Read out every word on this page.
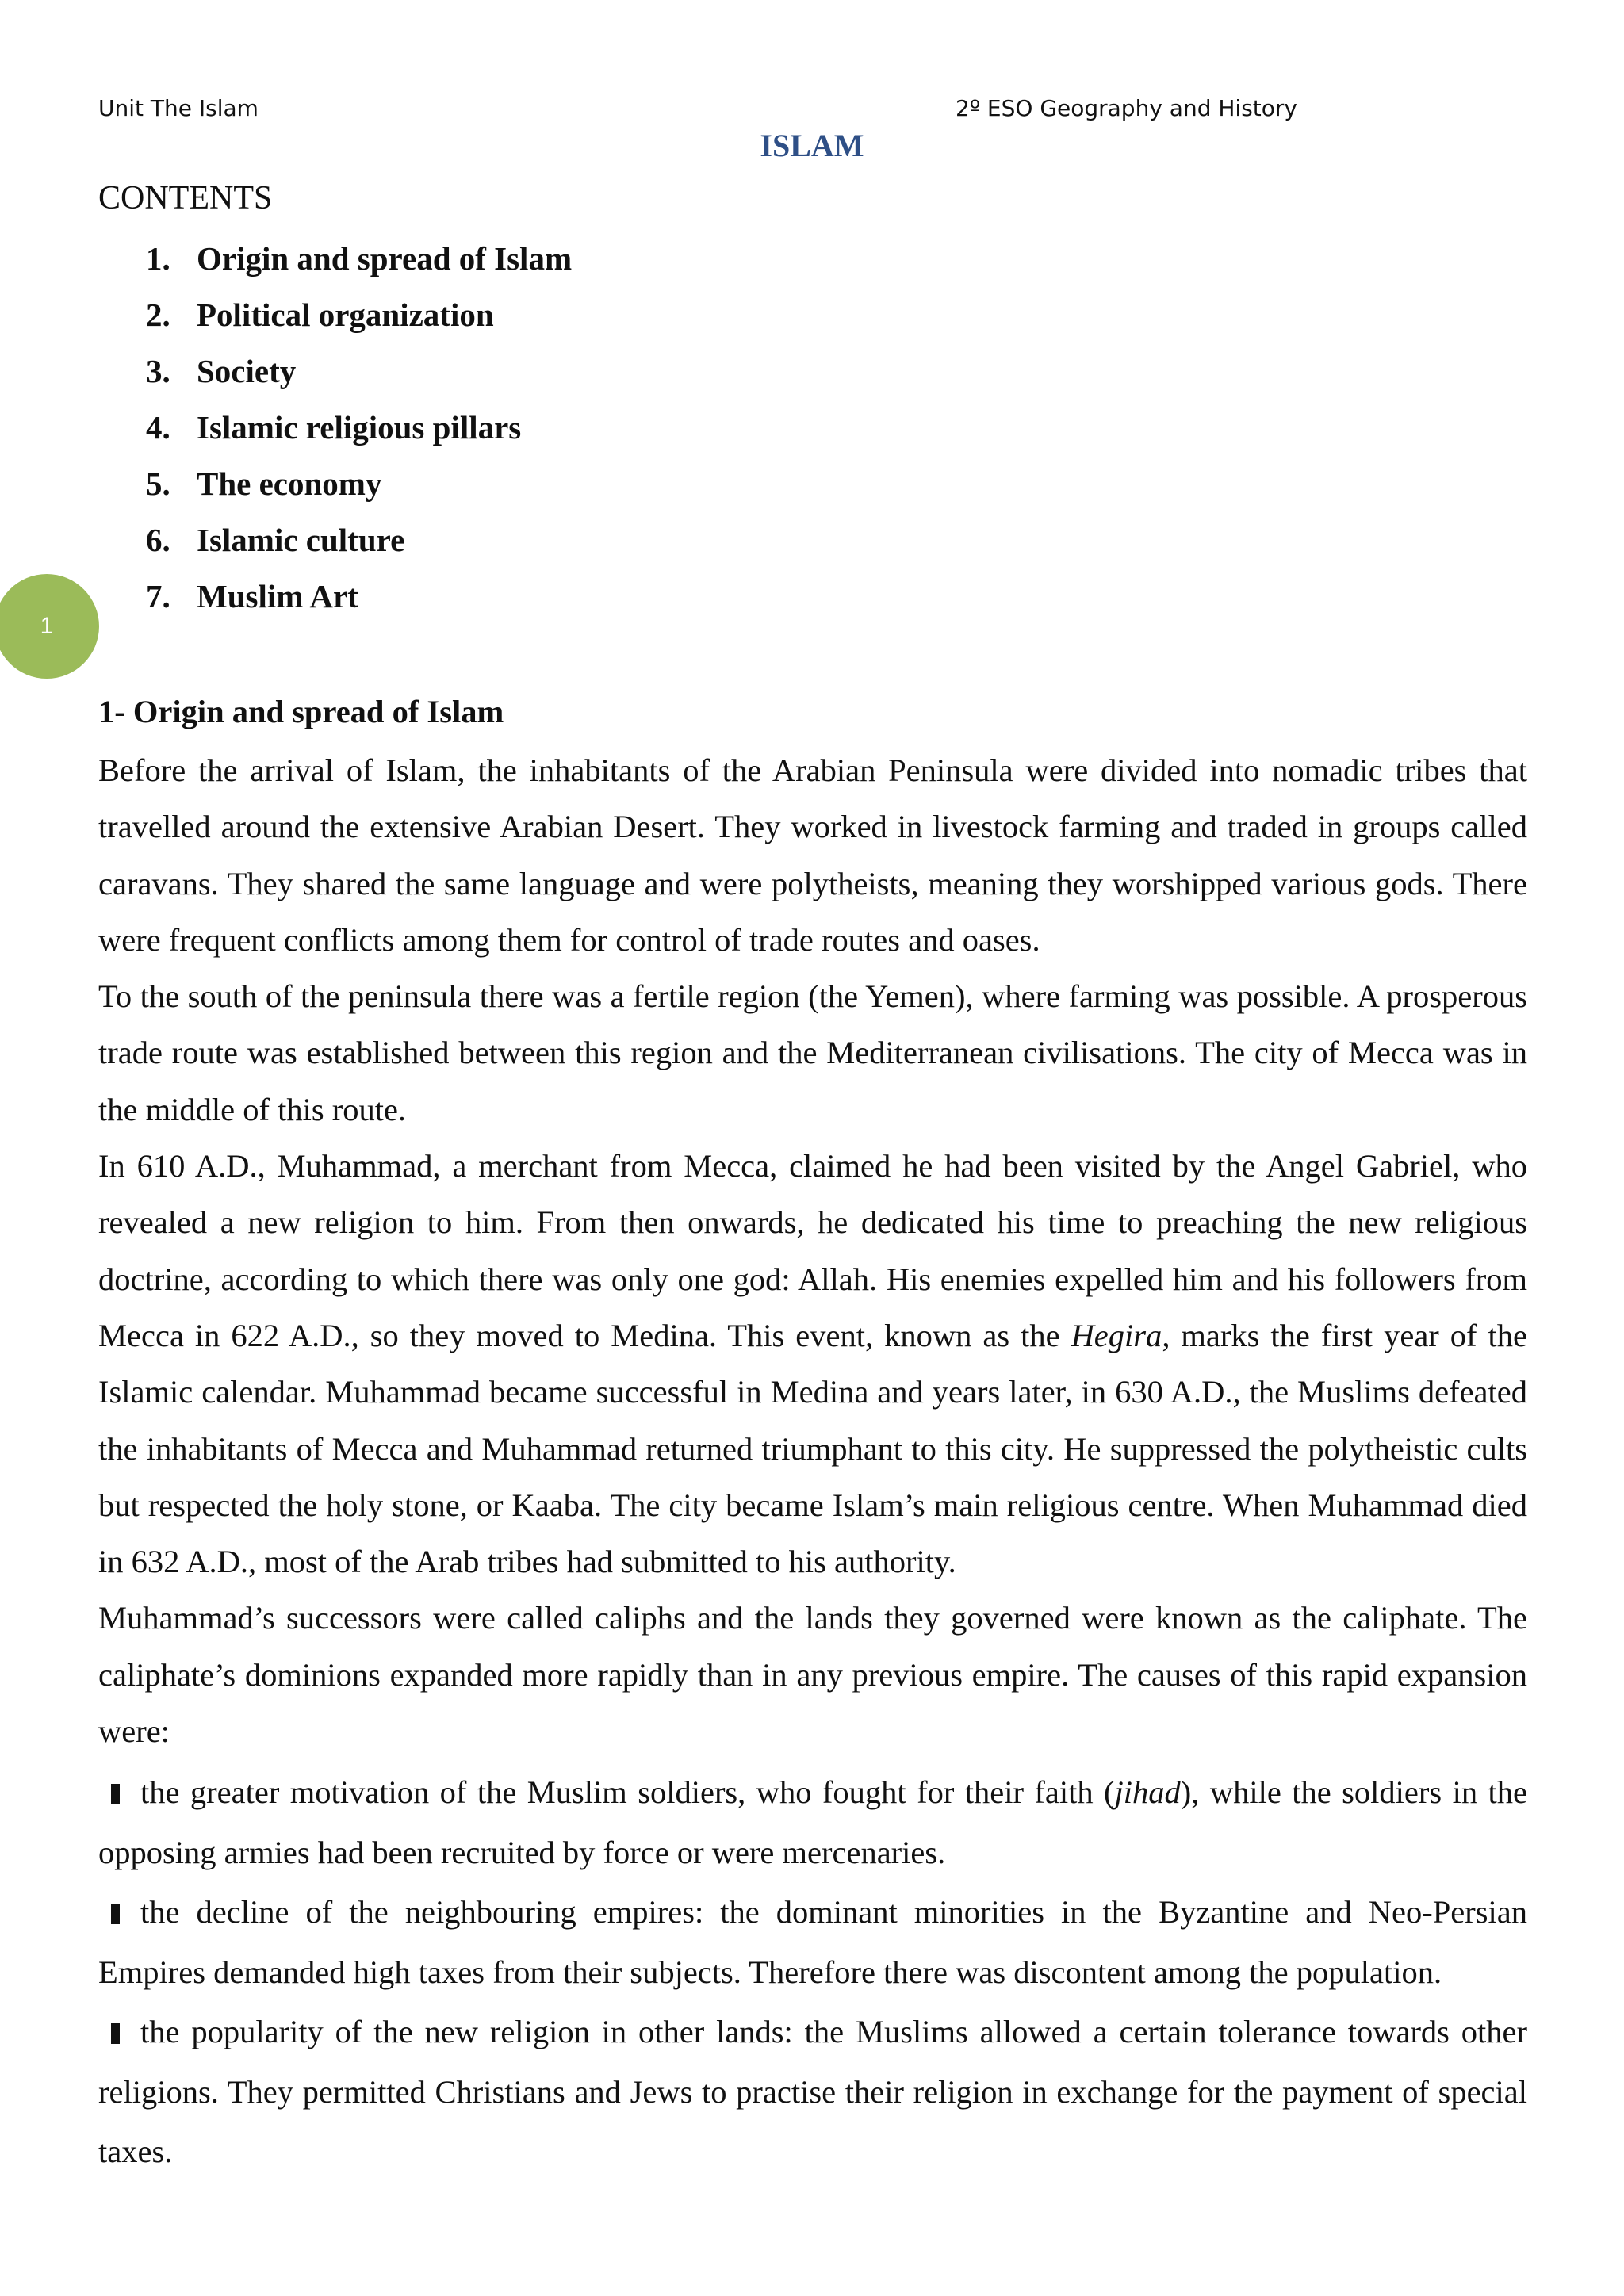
Unit The Islam	2º ESO Geography and History
ISLAM
CONTENTS
1. Origin and spread of Islam
2. Political organization
3. Society
4. Islamic religious pillars
5. The economy
6. Islamic culture
7. Muslim Art
1
1- Origin and spread of Islam

Before the arrival of Islam, the inhabitants of the Arabian Peninsula were divided into nomadic tribes that travelled around the extensive Arabian Desert. They worked in livestock farming and traded in groups called caravans. They shared the same language and were polytheists, meaning they worshipped various gods. There were frequent conflicts among them for control of trade routes and oases.

To the south of the peninsula there was a fertile region (the Yemen), where farming was possible. A prosperous trade route was established between this region and the Mediterranean civilisations. The city of Mecca was in the middle of this route.

In 610 A.D., Muhammad, a merchant from Mecca, claimed he had been visited by the Angel Gabriel, who revealed a new religion to him. From then onwards, he dedicated his time to preaching the new religious doctrine, according to which there was only one god: Allah. His enemies expelled him and his followers from Mecca in 622 A.D., so they moved to Medina. This event, known as the Hegira, marks the first year of the Islamic calendar. Muhammad became successful in Medina and years later, in 630 A.D., the Muslims defeated the inhabitants of Mecca and Muhammad returned triumphant to this city. He suppressed the polytheistic cults but respected the holy stone, or Kaaba. The city became Islam’s main religious centre. When Muhammad died in 632 A.D., most of the Arab tribes had submitted to his authority.

Muhammad’s successors were called caliphs and the lands they governed were known as the caliphate. The caliphate’s dominions expanded more rapidly than in any previous empire. The causes of this rapid expansion were:

the greater motivation of the Muslim soldiers, who fought for their faith (jihad), while the soldiers in the opposing armies had been recruited by force or were mercenaries.
the decline of the neighbouring empires: the dominant minorities in the Byzantine and Neo-Persian Empires demanded high taxes from their subjects. Therefore there was discontent among the population.
the popularity of the new religion in other lands: the Muslims allowed a certain tolerance towards other religions. They permitted Christians and Jews to practise their religion in exchange for the payment of special taxes.
